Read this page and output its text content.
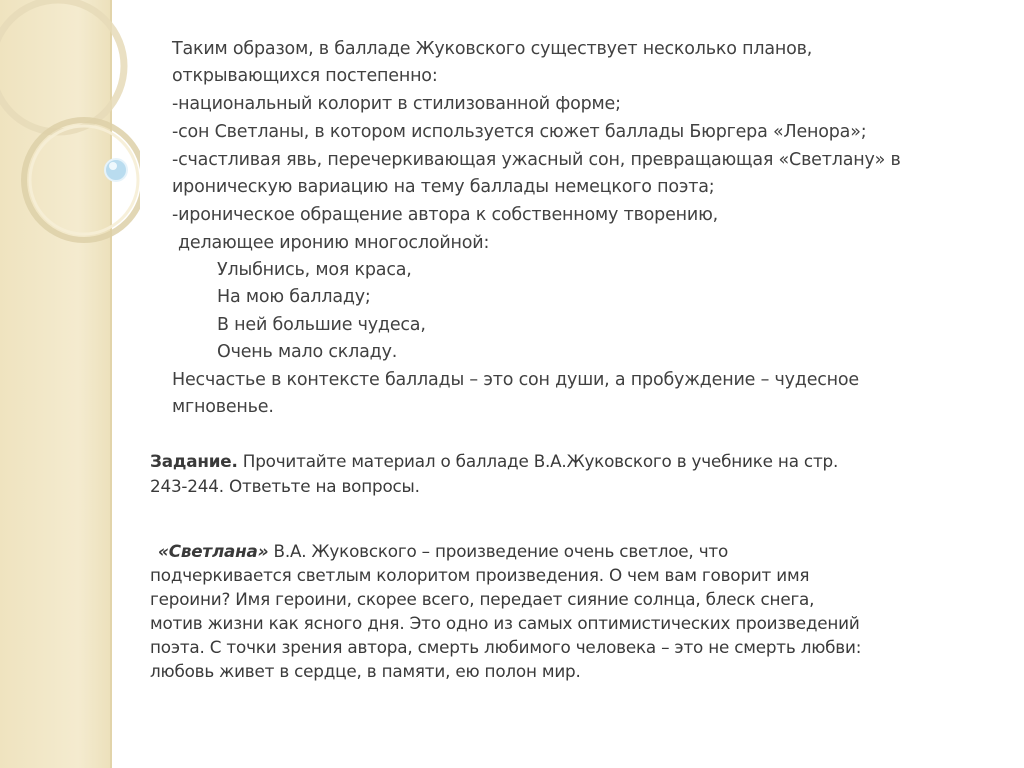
Таким образом, в балладе Жуковского существует несколько планов,
открывающихся постепенно:
-национальный колорит в стилизованной форме;
-сон Светланы, в котором используется сюжет баллады Бюргера «Ленора»;
-счастливая явь, перечеркивающая ужасный сон, превращающая «Светлану» в
ироническую вариацию на тему баллады немецкого поэта;
-ироническое обращение автора к собственному творению,
делающее иронию многослойной:
Улыбнись, моя краса,
На мою балладу;
В ней большие чудеса,
Очень мало складу.
Несчастье в контексте баллады – это сон души, а пробуждение – чудесное
мгновенье.
Задание. Прочитайте материал о балладе В.А.Жуковского в учебнике на стр.
243-244. Ответьте на вопросы.
«Светлана» В.А. Жуковского – произведение очень светлое, что
подчеркивается светлым колоритом произведения. О чем вам говорит имя
героини? Имя героини, скорее всего, передает сияние солнца, блеск снега,
мотив жизни как ясного дня. Это одно из самых оптимистических произведений
поэта. С точки зрения автора, смерть любимого человека – это не смерть любви:
любовь живет в сердце, в памяти, ею полон мир.
